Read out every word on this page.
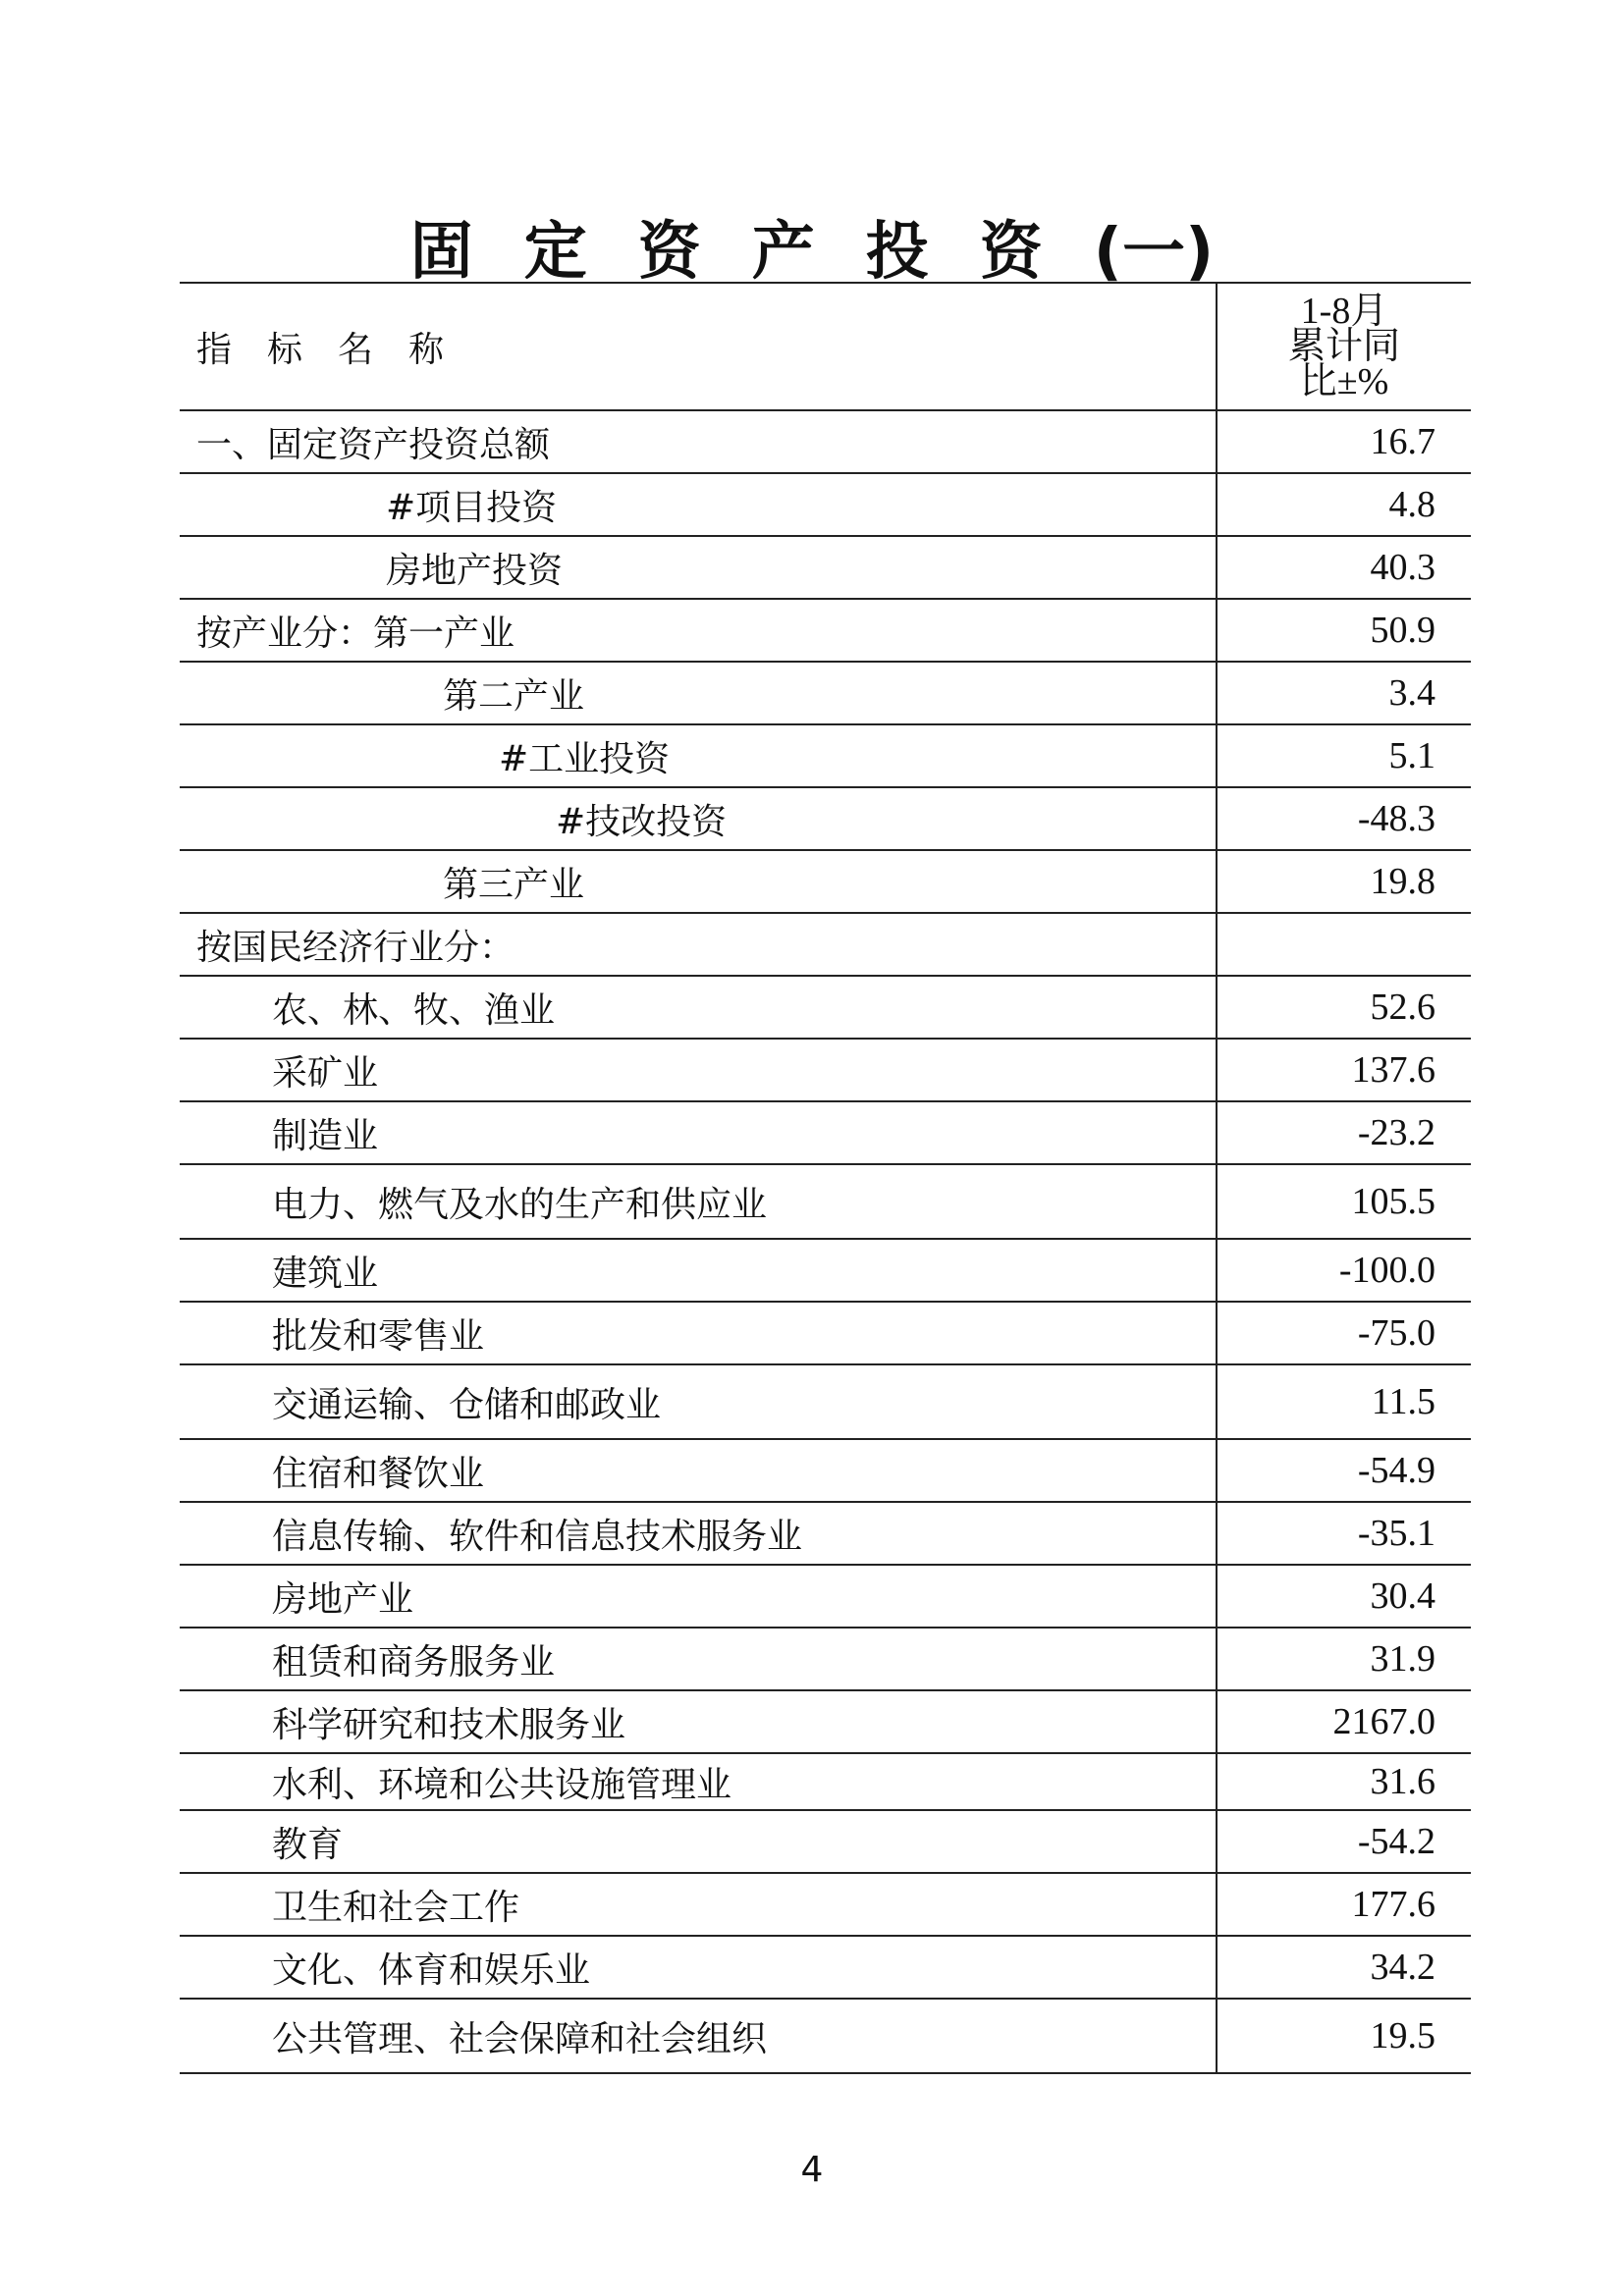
固定资产投资(一)
指标名称	1-8月
累计同
比±%

一、固定资产投资总额	16.7
#项目投资	4.8
房地产投资	40.3
按产业分：第一产业	50.9
第二产业	3.4
#工业投资	5.1
#技改投资	-48.3
第三产业	19.8
按国民经济行业分：	
农、林、牧、渔业	52.6
采矿业	137.6
制造业	-23.2
电力、燃气及水的生产和供应业	105.5
建筑业	-100.0
批发和零售业	-75.0
交通运输、仓储和邮政业	11.5
住宿和餐饮业	-54.9
信息传输、软件和信息技术服务业	-35.1
房地产业	30.4
租赁和商务服务业	31.9
科学研究和技术服务业	2167.0
水利、环境和公共设施管理业	31.6
教育	-54.2
卫生和社会工作	177.6
文化、体育和娱乐业	34.2
公共管理、社会保障和社会组织	19.5
4
